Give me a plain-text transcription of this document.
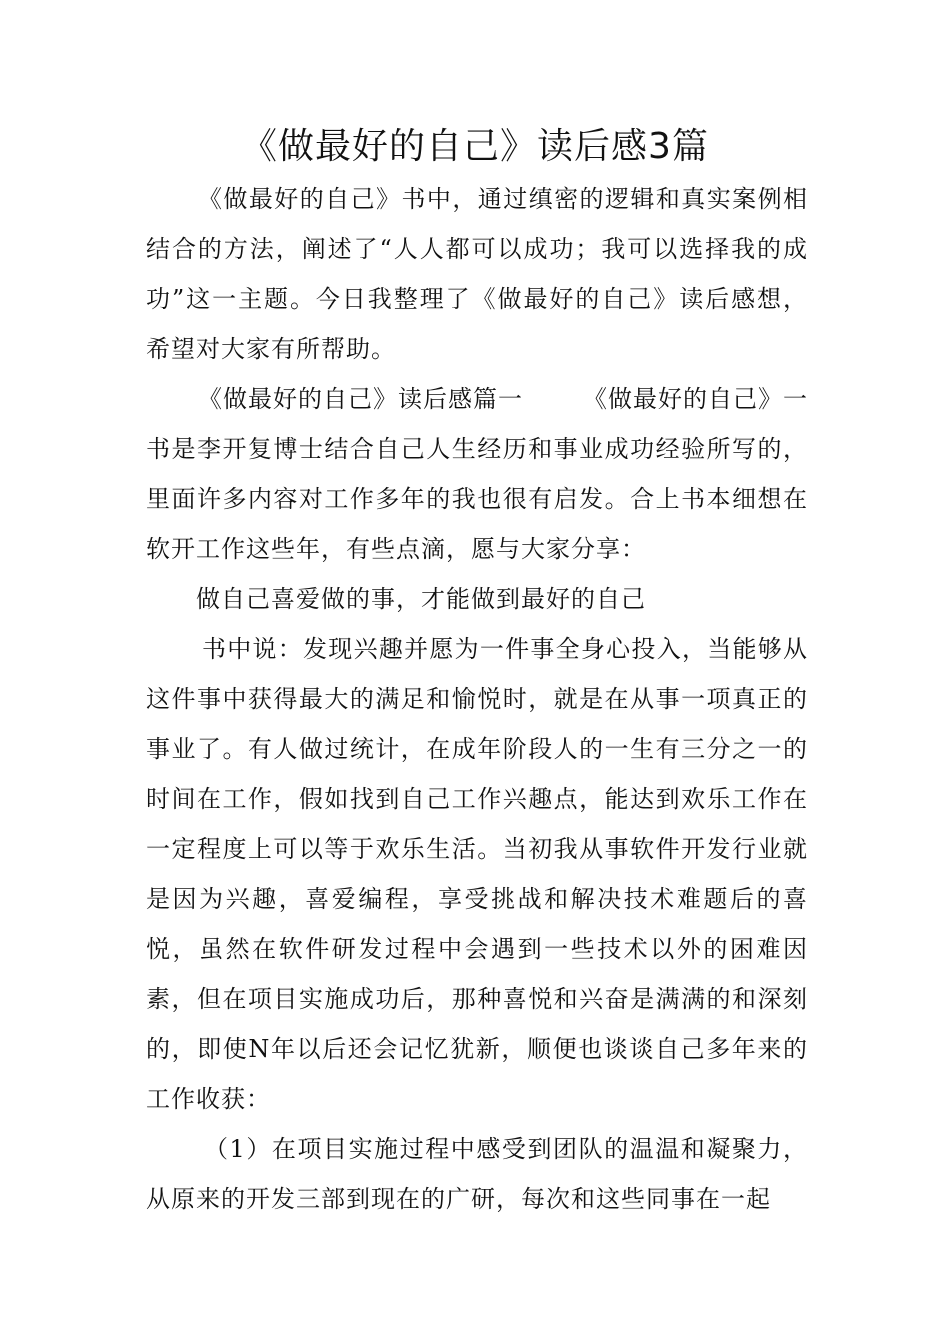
《做最好的自己》读后感3篇

《做最好的自己》书中，通过缜密的逻辑和真实案例相结合的方法，阐述了“人人都可以成功；我可以选择我的成功”这一主题。今日我整理了《做最好的自己》读后感想，希望对大家有所帮助。

《做最好的自己》读后感篇一	《做最好的自己》一书是李开复博士结合自己人生经历和事业成功经验所写的，里面许多内容对工作多年的我也很有启发。合上书本细想在软开工作这些年，有些点滴，愿与大家分享：

做自己喜爱做的事，才能做到最好的自己

书中说：发现兴趣并愿为一件事全身心投入，当能够从这件事中获得最大的满足和愉悦时，就是在从事一项真正的事业了。有人做过统计，在成年阶段人的一生有三分之一的时间在工作，假如找到自己工作兴趣点，能达到欢乐工作在一定程度上可以等于欢乐生活。当初我从事软件开发行业就是因为兴趣，喜爱编程，享受挑战和解决技术难题后的喜悦，虽然在软件研发过程中会遇到一些技术以外的困难因素，但在项目实施成功后，那种喜悦和兴奋是满满的和深刻的，即使N年以后还会记忆犹新，顺便也谈谈自己多年来的工作收获：

（1）在项目实施过程中感受到团队的温温和凝聚力，从原来的开发三部到现在的广研，每次和这些同事在一起
